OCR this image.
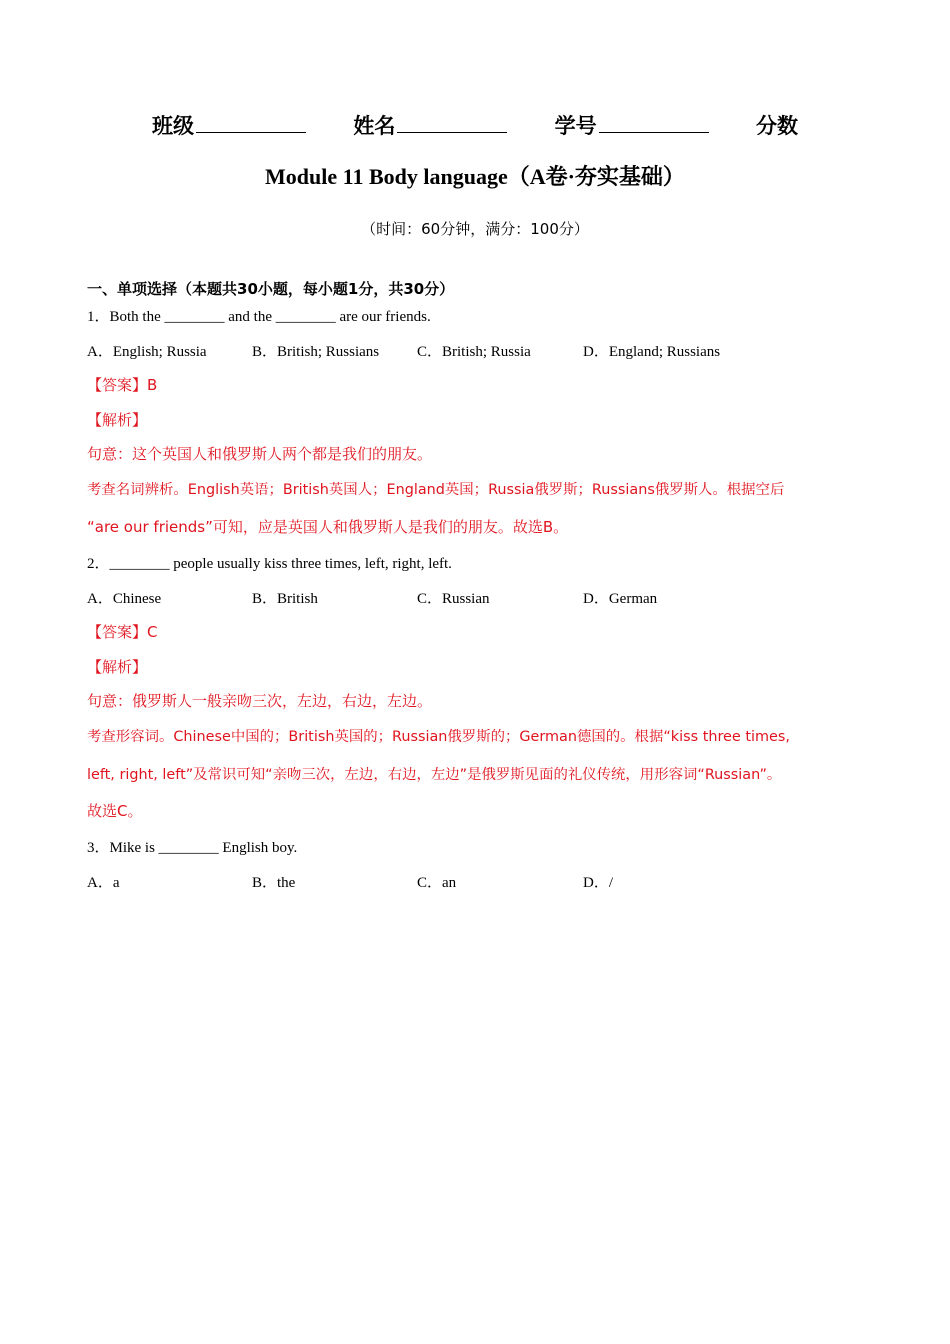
班级	姓名	学号	分数
Module 11 Body language（A卷·夯实基础）
（时间：60分钟，满分：100分）
一、单项选择（本题共30小题，每小题1分，共30分）
1．Both the ________ and the ________ are our friends.
A．English; Russia	B．British; Russians	C．British; Russia	D．England; Russians
【答案】B
【解析】
句意：这个英国人和俄罗斯人两个都是我们的朋友。
考查名词辨析。English英语；British英国人；England英国；Russia俄罗斯；Russians俄罗斯人。根据空后
“are our friends”可知，应是英国人和俄罗斯人是我们的朋友。故选B。
2．________ people usually kiss three times, left, right, left.
A．Chinese	B．British	C．Russian	D．German
【答案】C
【解析】
句意：俄罗斯人一般亲吻三次，左边，右边，左边。
考查形容词。Chinese中国的；British英国的；Russian俄罗斯的；German德国的。根据“kiss three times,
left, right, left”及常识可知“亲吻三次，左边，右边，左边”是俄罗斯见面的礼仪传统，用形容词“Russian”。
故选C。
3．Mike is ________ English boy.
A．a	B．the	C．an	D．/
